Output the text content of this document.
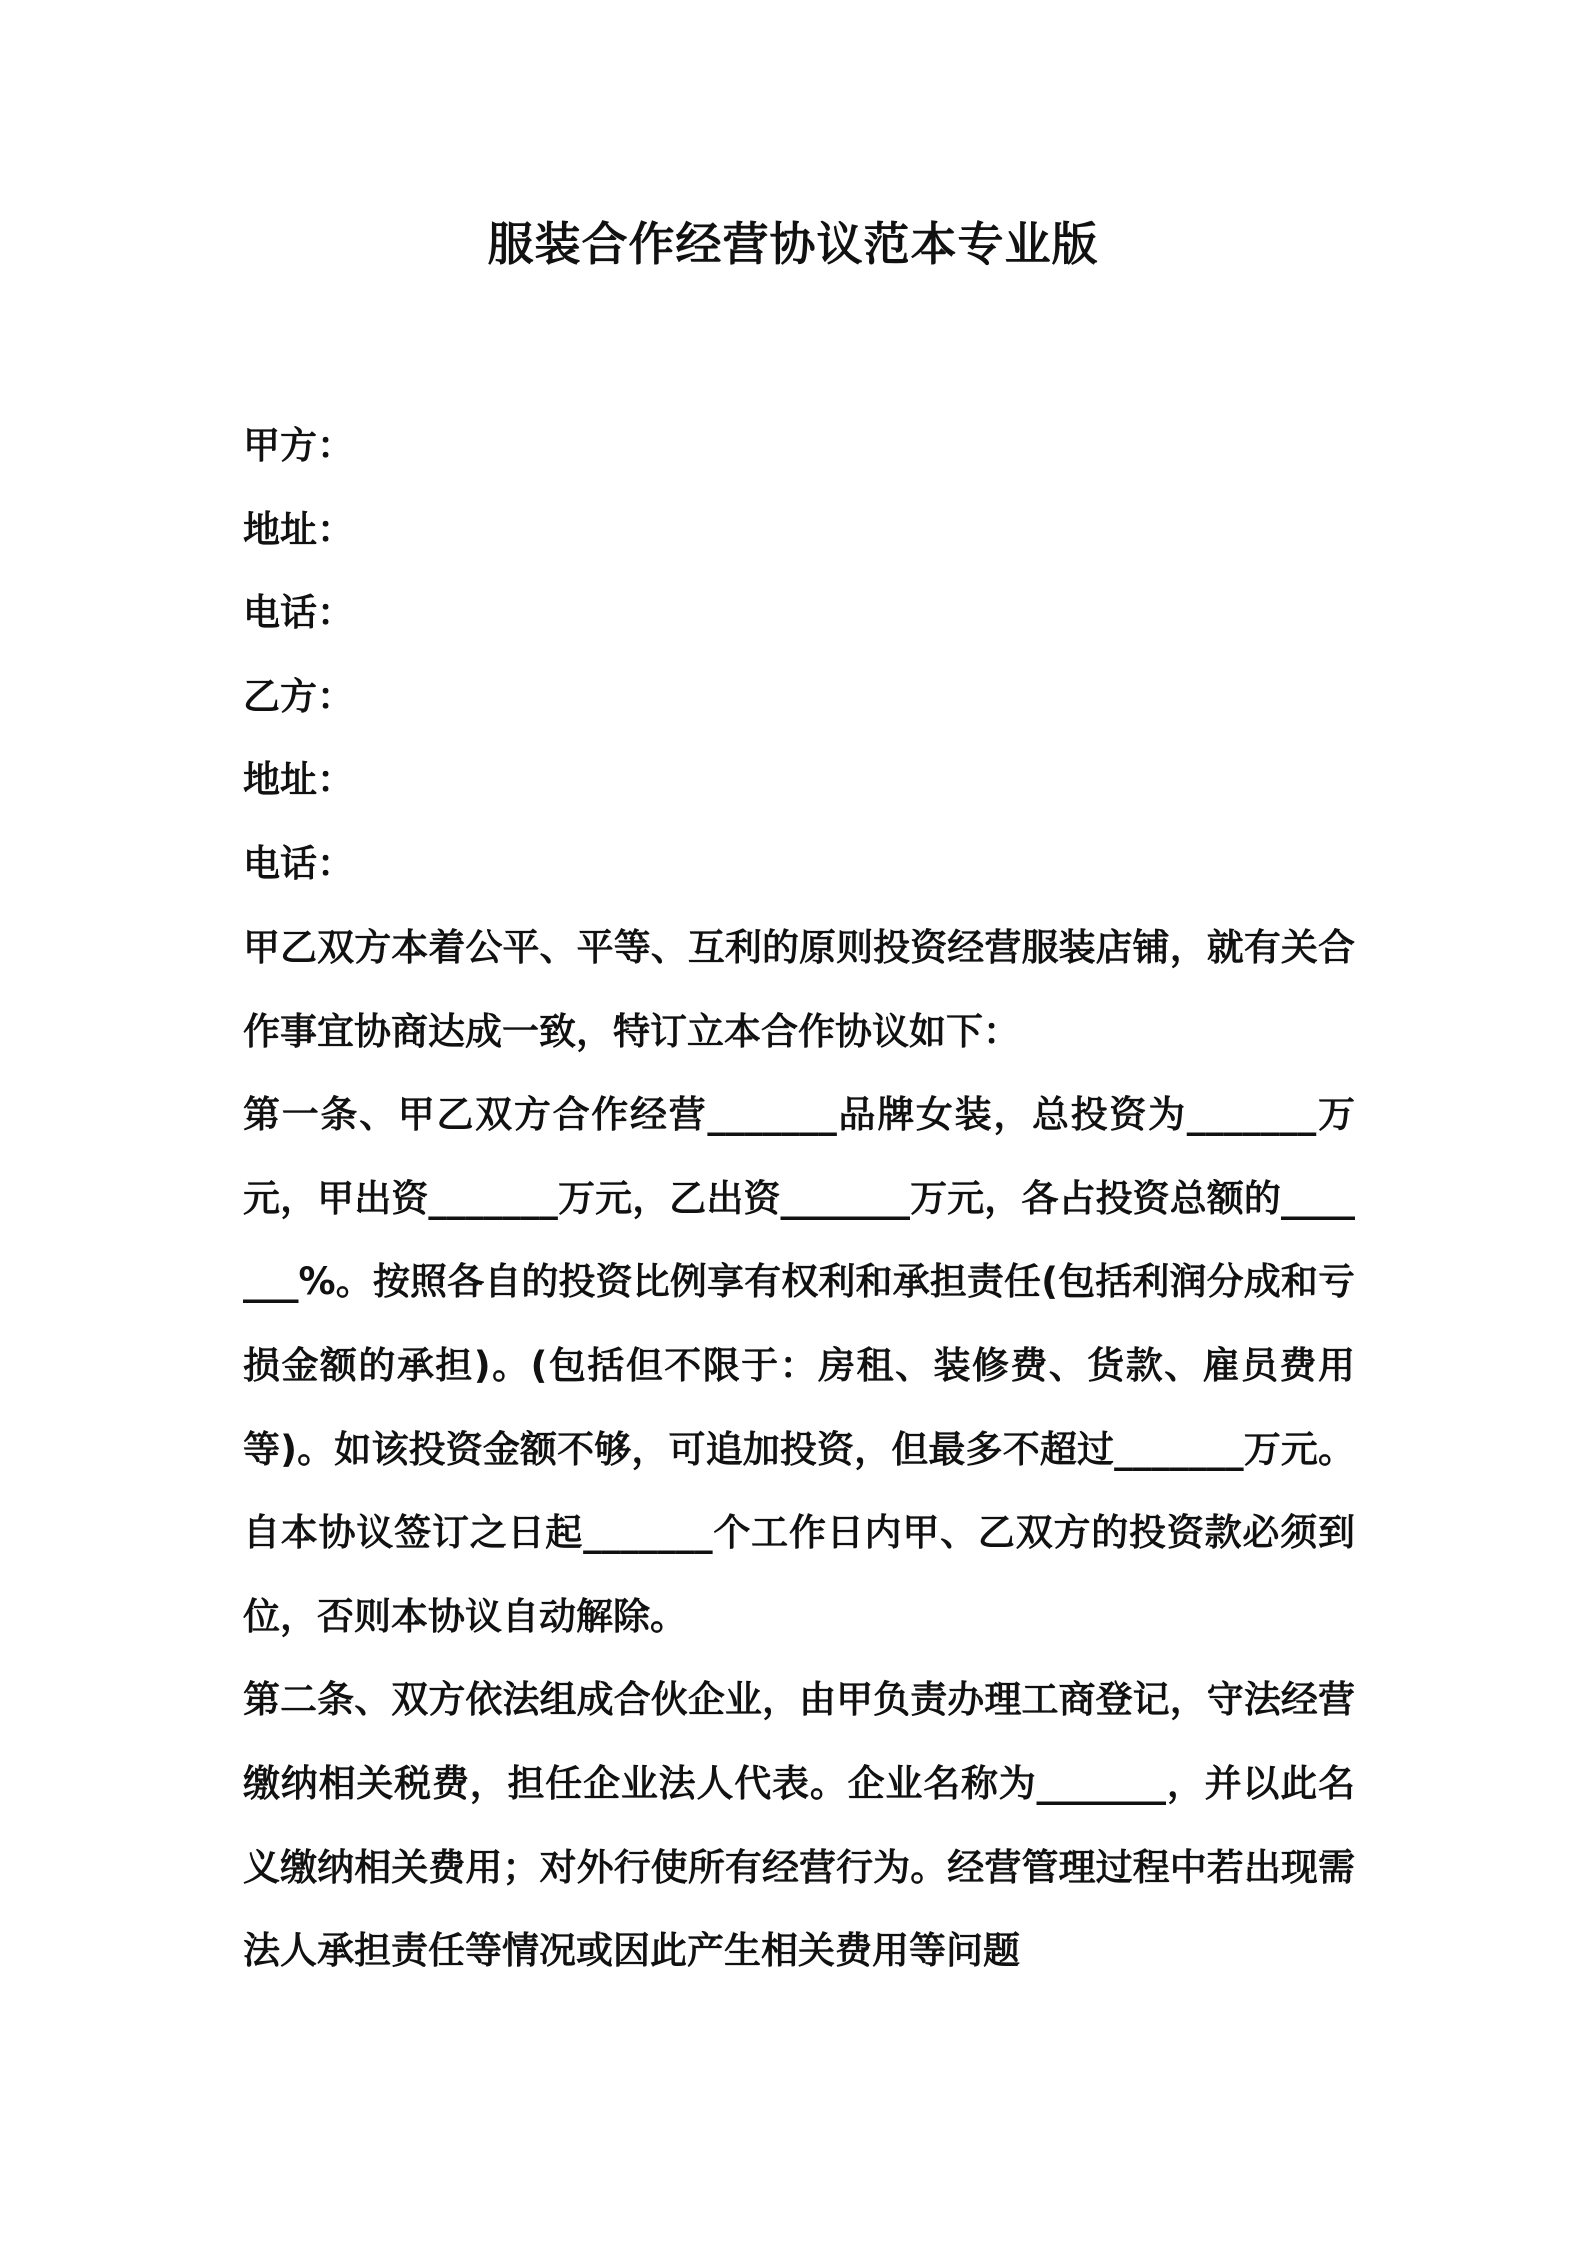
服装合作经营协议范本专业版
甲方：
地址：
电话：
乙方：
地址：
电话：

甲乙双方本着公平、平等、互利的原则投资经营服装店铺，就有关合作事宜协商达成一致，特订立本合作协议如下：

第一条、甲乙双方合作经营_______品牌女装，总投资为_______万元，甲出资_______万元，乙出资_______万元，各占投资总额的_______%。按照各自的投资比例享有权利和承担责任(包括利润分成和亏损金额的承担)。(包括但不限于：房租、装修费、货款、雇员费用等)。如该投资金额不够，可追加投资，但最多不超过_______万元。自本协议签订之日起_______个工作日内甲、乙双方的投资款必须到位，否则本协议自动解除。

第二条、双方依法组成合伙企业，由甲负责办理工商登记，守法经营缴纳相关税费，担任企业法人代表。企业名称为_______，并以此名义缴纳相关费用；对外行使所有经营行为。经营管理过程中若出现需法人承担责任等情况或因此产生相关费用等问题
